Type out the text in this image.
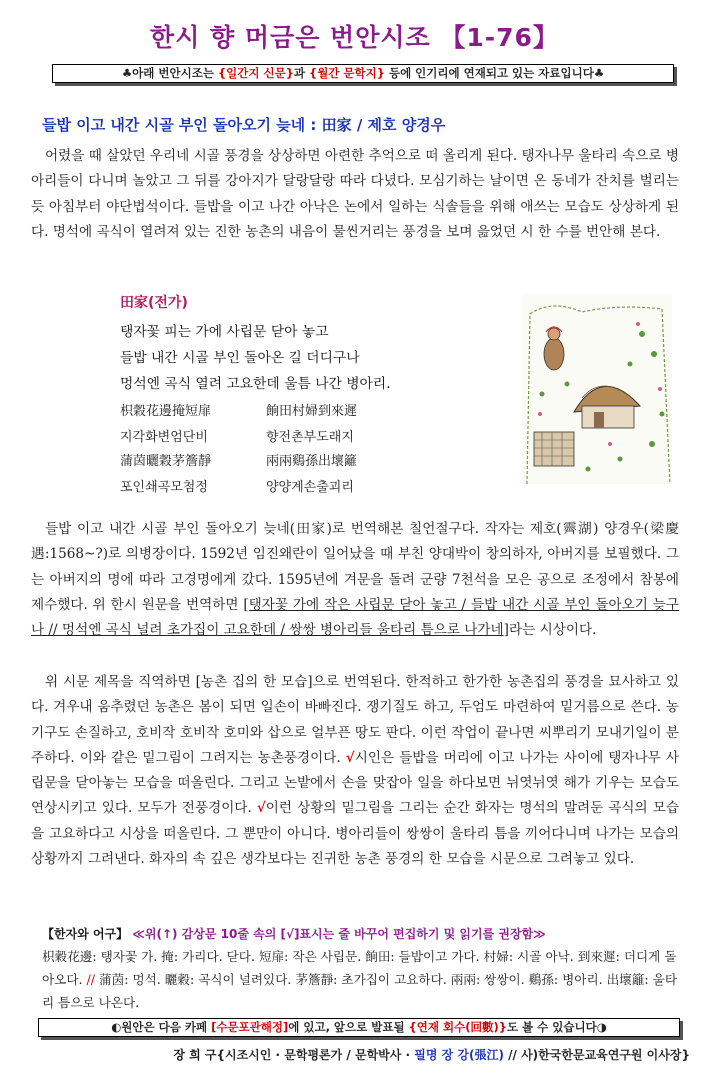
한시 향 머금은 번안시조 【1-76】
♣아래 번안시조는 {일간지 신문}과 {월간 문학지} 등에 인기리에 연재되고 있는 자료입니다♣
들밥 이고 내간 시골 부인 돌아오기 늦네 : 田家 / 제호 양경우
어렸을 때 살았던 우리네 시골 풍경을 상상하면 아련한 추억으로 떠 올리게 된다. 탱자나무 울타리 속으로 병아리들이 다니며 놀았고 그 뒤를 강아지가 달랑달랑 따라 다녔다. 모심기하는 날이면 온 동네가 잔치를 벌리는 듯 아침부터 야단법석이다. 들밥을 이고 나간 아낙은 논에서 일하는 식솔들을 위해 애쓰는 모습도 상상하게 된다. 명석에 곡식이 열려져 있는 진한 농촌의 내음이 물씬거리는 풍경을 보며 읊었던 시 한 수를 번안해 본다.
田家(전가)
탱자꽃 피는 가에 사립문 닫아 놓고
들밥 내간 시골 부인 돌아온 길 더디구나
멍석엔 곡식 열려 고요한데 울틈 나간 병아리.
枳穀花邊掩短扉	餉田村婦到來遲
지각화변엄단비	향전촌부도래지
蒲茵曬穀茅簷靜	兩兩鷄孫出壞籬
포인쇄곡모첨정	양양계손출괴리
들밥 이고 내간 시골 부인 돌아오기 늦네(田家)로 번역해본 칠언절구다. 작자는 제호(霽湖) 양경우(梁慶遇:1568~?)로 의병장이다. 1592년 임진왜란이 일어났을 때 부친 양대박이 창의하자, 아버지를 보필했다. 그는 아버지의 명에 따라 고경명에게 갔다. 1595년에 겨문을 돌려 군량 7천석을 모은 공으로 조정에서 참봉에 제수했다. 위 한시 원문을 번역하면 [탱자꽃 가에 작은 사립문 닫아 놓고 / 들밥 내간 시골 부인 돌아오기 늦구나 // 멍석엔 곡식 널려 초가집이 고요한데 / 쌍쌍 병아리들 울타리 틈으로 나가네]라는 시상이다.
위 시문 제목을 직역하면 [농촌 집의 한 모습]으로 번역된다. 한적하고 한가한 농촌집의 풍경을 묘사하고 있다. 겨우내 움추렸던 농촌은 봄이 되면 일손이 바빠진다. 쟁기질도 하고, 두엄도 마련하여 밑거름으로 쓴다. 농기구도 손질하고, 호비작 호비작 호미와 삽으로 얼부픈 땅도 판다. 이런 작업이 끝나면 씨뿌리기 모내기일이 분주하다. 이와 같은 밑그림이 그려지는 농촌풍경이다. √시인은 들밥을 머리에 이고 나가는 사이에 탱자나무 사립문을 닫아놓는 모습을 떠올린다. 그리고 논밭에서 손을 맞잡아 일을 하다보면 뉘엿뉘엿 해가 기우는 모습도 연상시키고 있다. 모두가 전풍경이다. √이런 상황의 밑그림을 그리는 순간 화자는 명석의 말려둔 곡식의 모습을 고요하다고 시상을 떠올린다. 그 뿐만이 아니다. 병아리들이 쌍쌍이 울타리 틈을 끼어다니며 나가는 모습의 상황까지 그려낸다. 화자의 속 깊은 생각보다는 진귀한 농촌 풍경의 한 모습을 시문으로 그려놓고 있다.
【한자와 어구】 ≪위(↑) 감상문 10줄 속의 [√]표시는 줄 바꾸어 편집하기 및 읽기를 권장함≫
枳穀花邊: 탱자꽃 가. 掩: 가리다. 닫다. 短扉: 작은 사립문. 餉田: 들밥이고 가다. 村婦: 시골 아낙. 到來遲: 더디게 돌아오다. // 蒲茵: 멍석. 曬穀: 곡식이 널려있다. 茅簷靜: 초가집이 고요하다. 兩兩: 쌍쌍이. 鷄孫: 병아리. 出壞籬: 울타리 틈으로 나온다.
◐원안은 다음 카페 [수문포관해정]에 있고, 앞으로 발표될 {연재 회수(回數)}도 볼 수 있습니다◑
장 희 구{시조시인 · 문학평론가 / 문학박사 · 필명 장 강(張江) // 사)한국한문교육연구원 이사장}
